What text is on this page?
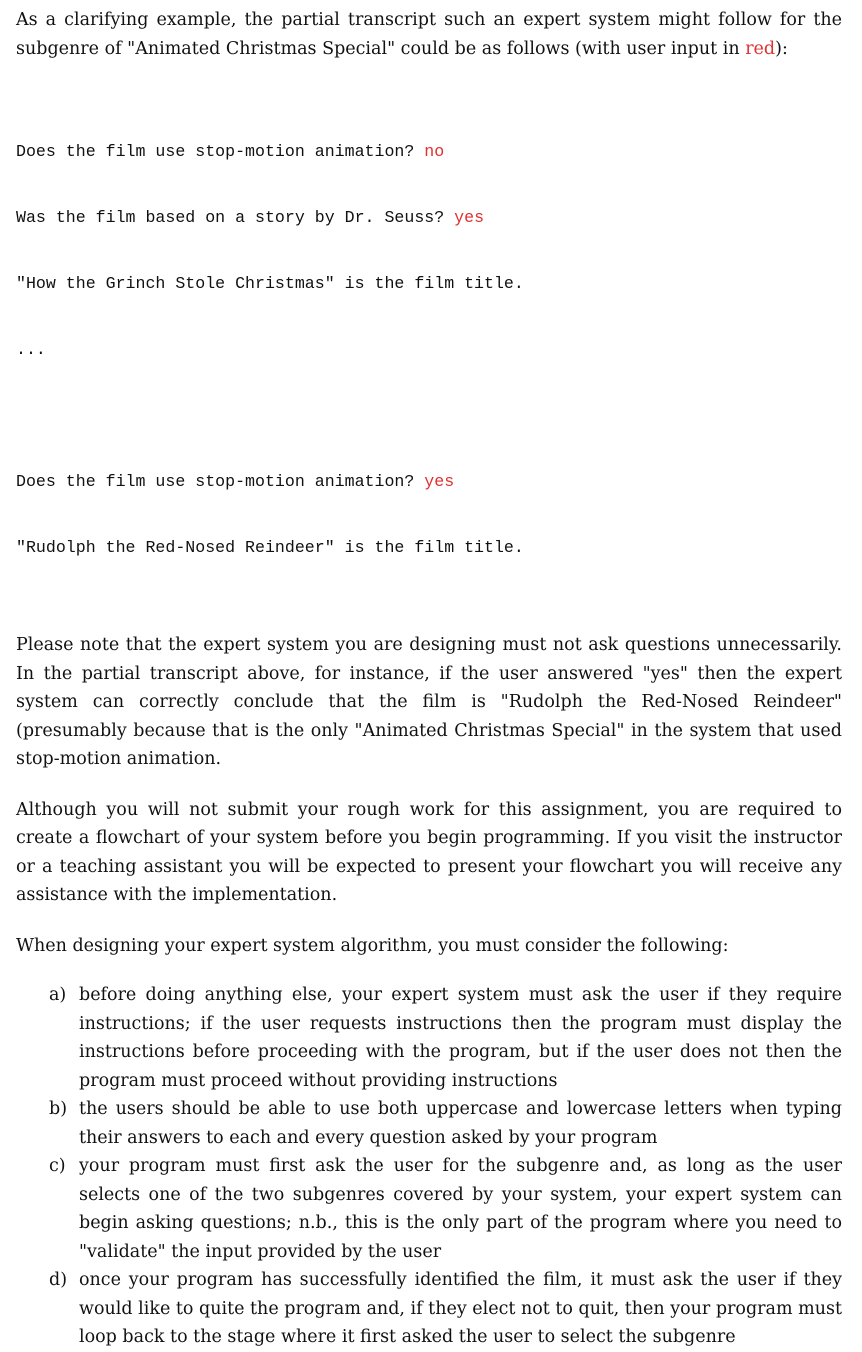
As a clarifying example, the partial transcript such an expert system might follow for the subgenre of "Animated Christmas Special" could be as follows (with user input in red):

Does the film use stop-motion animation? no

Was the film based on a story by Dr. Seuss? yes

"How the Grinch Stole Christmas" is the film title.

...

Does the film use stop-motion animation? yes

"Rudolph the Red-Nosed Reindeer" is the film title.

Please note that the expert system you are designing must not ask questions unnecessarily. In the partial transcript above, for instance, if the user answered "yes" then the expert system can correctly conclude that the film is "Rudolph the Red-Nosed Reindeer" (presumably because that is the only "Animated Christmas Special" in the system that used stop-motion animation.

Although you will not submit your rough work for this assignment, you are required to create a flowchart of your system before you begin programming. If you visit the instructor or a teaching assistant you will be expected to present your flowchart you will receive any assistance with the implementation.

When designing your expert system algorithm, you must consider the following:

a) before doing anything else, your expert system must ask the user if they require instructions; if the user requests instructions then the program must display the instructions before proceeding with the program, but if the user does not then the program must proceed without providing instructions
b) the users should be able to use both uppercase and lowercase letters when typing their answers to each and every question asked by your program
c) your program must first ask the user for the subgenre and, as long as the user selects one of the two subgenres covered by your system, your expert system can begin asking questions; n.b., this is the only part of the program where you need to "validate" the input provided by the user
d) once your program has successfully identified the film, it must ask the user if they would like to quite the program and, if they elect not to quit, then your program must loop back to the stage where it first asked the user to select the subgenre
